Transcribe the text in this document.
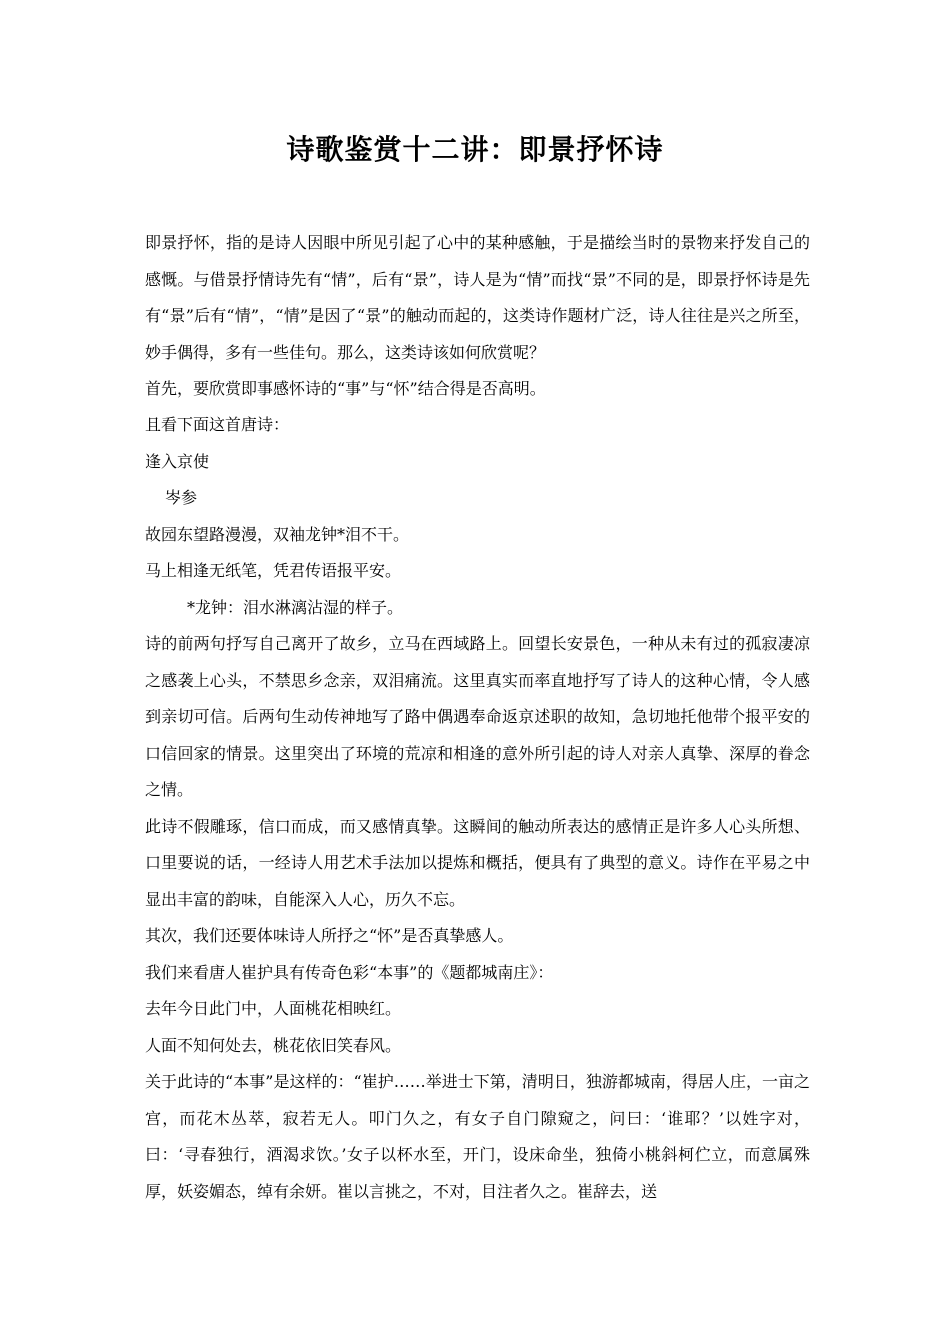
诗歌鉴赏十二讲：即景抒怀诗

即景抒怀，指的是诗人因眼中所见引起了心中的某种感触，于是描绘当时的景物来抒发自己的感慨。与借景抒情诗先有“情”，后有“景”，诗人是为“情”而找“景”不同的是，即景抒怀诗是先有“景”后有“情”，“情”是因了“景”的触动而起的，这类诗作题材广泛，诗人往往是兴之所至，妙手偶得，多有一些佳句。那么，这类诗该如何欣赏呢？

首先，要欣赏即事感怀诗的“事”与“怀”结合得是否高明。

且看下面这首唐诗：

逢入京使

岑参

故园东望路漫漫，双袖龙钟*泪不干。

马上相逢无纸笔，凭君传语报平安。

*龙钟：泪水淋漓沾湿的样子。

诗的前两句抒写自己离开了故乡，立马在西域路上。回望长安景色，一种从未有过的孤寂凄凉之感袭上心头，不禁思乡念亲，双泪痛流。这里真实而率直地抒写了诗人的这种心情，令人感到亲切可信。后两句生动传神地写了路中偶遇奉命返京述职的故知，急切地托他带个报平安的口信回家的情景。这里突出了环境的荒凉和相逢的意外所引起的诗人对亲人真挚、深厚的眷念之情。

此诗不假雕琢，信口而成，而又感情真挚。这瞬间的触动所表达的感情正是许多人心头所想、口里要说的话，一经诗人用艺术手法加以提炼和概括，便具有了典型的意义。诗作在平易之中显出丰富的韵味，自能深入人心，历久不忘。

其次，我们还要体味诗人所抒之“怀”是否真挚感人。

我们来看唐人崔护具有传奇色彩“本事”的《题都城南庄》：

去年今日此门中，人面桃花相映红。

人面不知何处去，桃花依旧笑春风。

关于此诗的“本事”是这样的：“崔护……举进士下第，清明日，独游都城南，得居人庄，一亩之宫，而花木丛萃，寂若无人。叩门久之，有女子自门隙窥之，问曰：‘谁耶？’以姓字对，曰：‘寻春独行，酒渴求饮。’女子以杯水至，开门，设床命坐，独倚小桃斜柯伫立，而意属殊厚，妖姿媚态，绰有余妍。崔以言挑之，不对，目注者久之。崔辞去，送
